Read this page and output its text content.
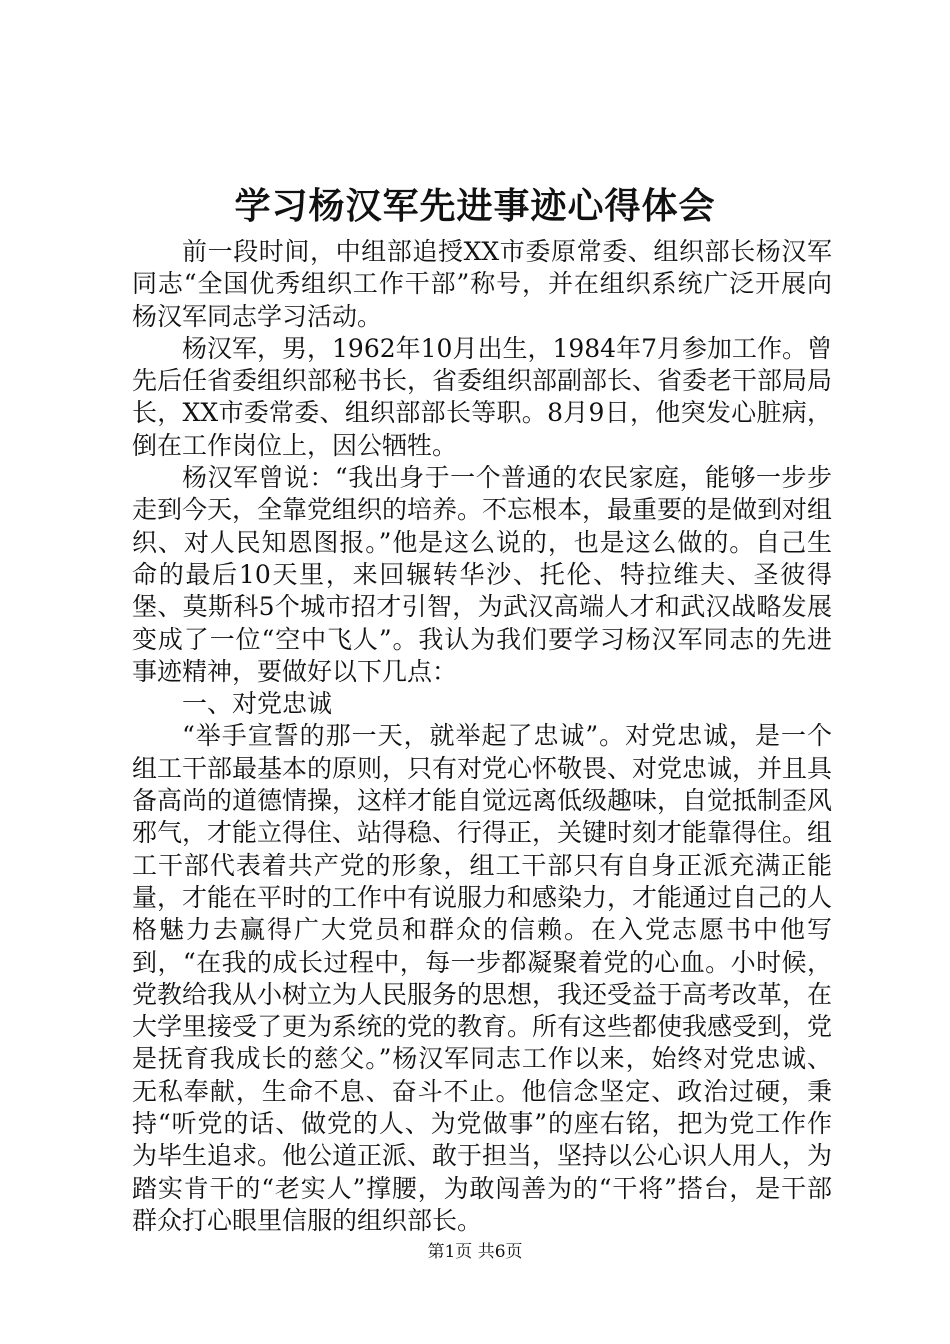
学习杨汉军先进事迹心得体会

前一段时间，中组部追授XX市委原常委、组织部长杨汉军同志“全国优秀组织工作干部”称号，并在组织系统广泛开展向杨汉军同志学习活动。

杨汉军，男，1962年10月出生，1984年7月参加工作。曾先后任省委组织部秘书长，省委组织部副部长、省委老干部局局长，XX市委常委、组织部部长等职。8月9日，他突发心脏病，倒在工作岗位上，因公牺牲。

杨汉军曾说：“我出身于一个普通的农民家庭，能够一步步走到今天，全靠党组织的培养。不忘根本，最重要的是做到对组织、对人民知恩图报。”他是这么说的，也是这么做的。自己生命的最后10天里，来回辗转华沙、托伦、特拉维夫、圣彼得堡、莫斯科5个城市招才引智，为武汉高端人才和武汉战略发展变成了一位“空中飞人”。我认为我们要学习杨汉军同志的先进事迹精神，要做好以下几点：

一、对党忠诚

“举手宣誓的那一天，就举起了忠诚”。对党忠诚，是一个组工干部最基本的原则，只有对党心怀敬畏、对党忠诚，并且具备高尚的道德情操，这样才能自觉远离低级趣味，自觉抵制歪风邪气，才能立得住、站得稳、行得正，关键时刻才能靠得住。组工干部代表着共产党的形象，组工干部只有自身正派充满正能量，才能在平时的工作中有说服力和感染力，才能通过自己的人格魅力去赢得广大党员和群众的信赖。在入党志愿书中他写到，“在我的成长过程中，每一步都凝聚着党的心血。小时候，党教给我从小树立为人民服务的思想，我还受益于高考改革，在大学里接受了更为系统的党的教育。所有这些都使我感受到，党是抚育我成长的慈父。”杨汉军同志工作以来，始终对党忠诚、无私奉献，生命不息、奋斗不止。他信念坚定、政治过硬，秉持“听党的话、做党的人、为党做事”的座右铭，把为党工作作为毕生追求。他公道正派、敢于担当，坚持以公心识人用人，为踏实肯干的“老实人”撑腰，为敢闯善为的“干将”搭台，是干部群众打心眼里信服的组织部长。

第1页 共6页
